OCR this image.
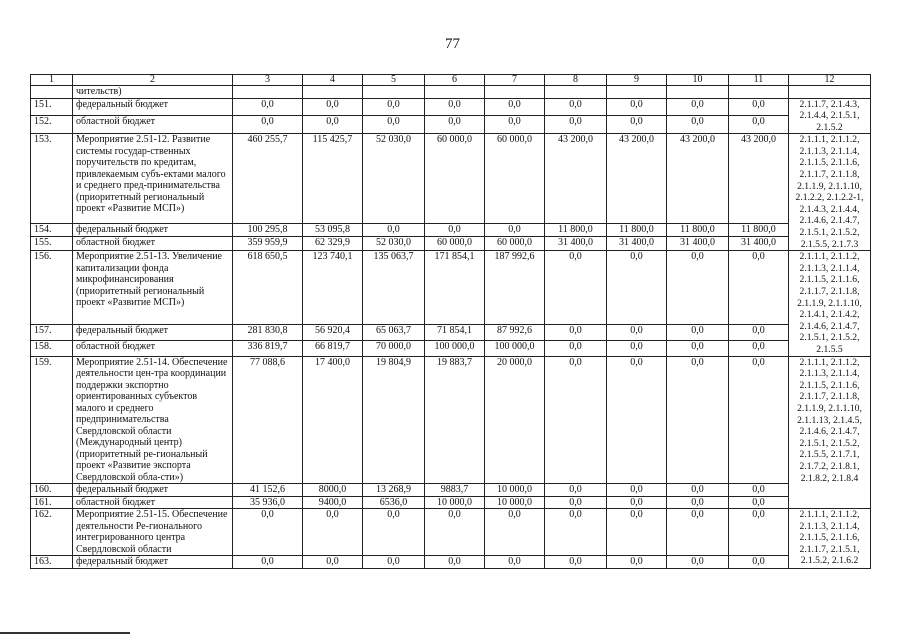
77
1	2	3	4	5	6	7	8	9	10	11	12
	чительств)										
151.	федеральный бюджет	0,0	0,0	0,0	0,0	0,0	0,0	0,0	0,0	0,0	2.1.1.7, 2.1.4.3, 2.1.4.4, 2.1.5.1, 2.1.5.2
152.	областной бюджет	0,0	0,0	0,0	0,0	0,0	0,0	0,0	0,0	0,0	
153.	Мероприятие 2.51-12. Развитие системы государ-ственных поручительств по кредитам, привлекаемым субъ-ектами малого и среднего пред-принимательства (приоритетный региональный проект «Развитие МСП»)	460 255,7	115 425,7	52 030,0	60 000,0	60 000,0	43 200,0	43 200,0	43 200,0	43 200,0	2.1.1.1, 2.1.1.2, 2.1.1.3, 2.1.1.4, 2.1.1.5, 2.1.1.6, 2.1.1.7, 2.1.1.8, 2.1.1.9, 2.1.1.10, 2.1.2.2, 2.1.2.2-1, 2.1.4.3, 2.1.4.4, 2.1.4.6, 2.1.4.7, 2.1.5.1, 2.1.5.2, 2.1.5.5, 2.1.7.3
154.	федеральный бюджет	100 295,8	53 095,8	0,0	0,0	0,0	11 800,0	11 800,0	11 800,0	11 800,0	
155.	областной бюджет	359 959,9	62 329,9	52 030,0	60 000,0	60 000,0	31 400,0	31 400,0	31 400,0	31 400,0	
156.	Мероприятие 2.51-13. Увеличение капитализации фонда микрофинансирования (приоритетный региональный проект «Развитие МСП»)	618 650,5	123 740,1	135 063,7	171 854,1	187 992,6	0,0	0,0	0,0	0,0	2.1.1.1, 2.1.1.2, 2.1.1.3, 2.1.1.4, 2.1.1.5, 2.1.1.6, 2.1.1.7, 2.1.1.8, 2.1.1.9, 2.1.1.10, 2.1.4.1, 2.1.4.2, 2.1.4.6, 2.1.4.7, 2.1.5.1, 2.1.5.2, 2.1.5.5
157.	федеральный бюджет	281 830,8	56 920,4	65 063,7	71 854,1	87 992,6	0,0	0,0	0,0	0,0	
158.	областной бюджет	336 819,7	66 819,7	70 000,0	100 000,0	100 000,0	0,0	0,0	0,0	0,0	
159.	Мероприятие 2.51-14. Обеспечение деятельности цен-тра координации поддержки экспортно ориентированных субъектов малого и среднего предпринимательства Свердловской области (Международный центр) (приоритетный ре-гиональный проект «Развитие экспорта Свердловской обла-сти»)	77 088,6	17 400,0	19 804,9	19 883,7	20 000,0	0,0	0,0	0,0	0,0	2.1.1.1, 2.1.1.2, 2.1.1.3, 2.1.1.4, 2.1.1.5, 2.1.1.6, 2.1.1.7, 2.1.1.8, 2.1.1.9, 2.1.1.10, 2.1.1.13, 2.1.4.5, 2.1.4.6, 2.1.4.7, 2.1.5.1, 2.1.5.2, 2.1.5.5, 2.1.7.1, 2.1.7.2, 2.1.8.1, 2.1.8.2, 2.1.8.4
160.	федеральный бюджет	41 152,6	8000,0	13 268,9	9883,7	10 000,0	0,0	0,0	0,0	0,0	
161.	областной бюджет	35 936,0	9400,0	6536,0	10 000,0	10 000,0	0,0	0,0	0,0	0,0	
162.	Мероприятие 2.51-15. Обеспечение деятельности Ре-гионального интегрированного центра Свердловской области	0,0	0,0	0,0	0,0	0,0	0,0	0,0	0,0	0,0	2.1.1.1, 2.1.1.2, 2.1.1.3, 2.1.1.4, 2.1.1.5, 2.1.1.6, 2.1.1.7, 2.1.5.1, 2.1.5.2, 2.1.6.2
163.	федеральный бюджет	0,0	0,0	0,0	0,0	0,0	0,0	0,0	0,0	0,0	
